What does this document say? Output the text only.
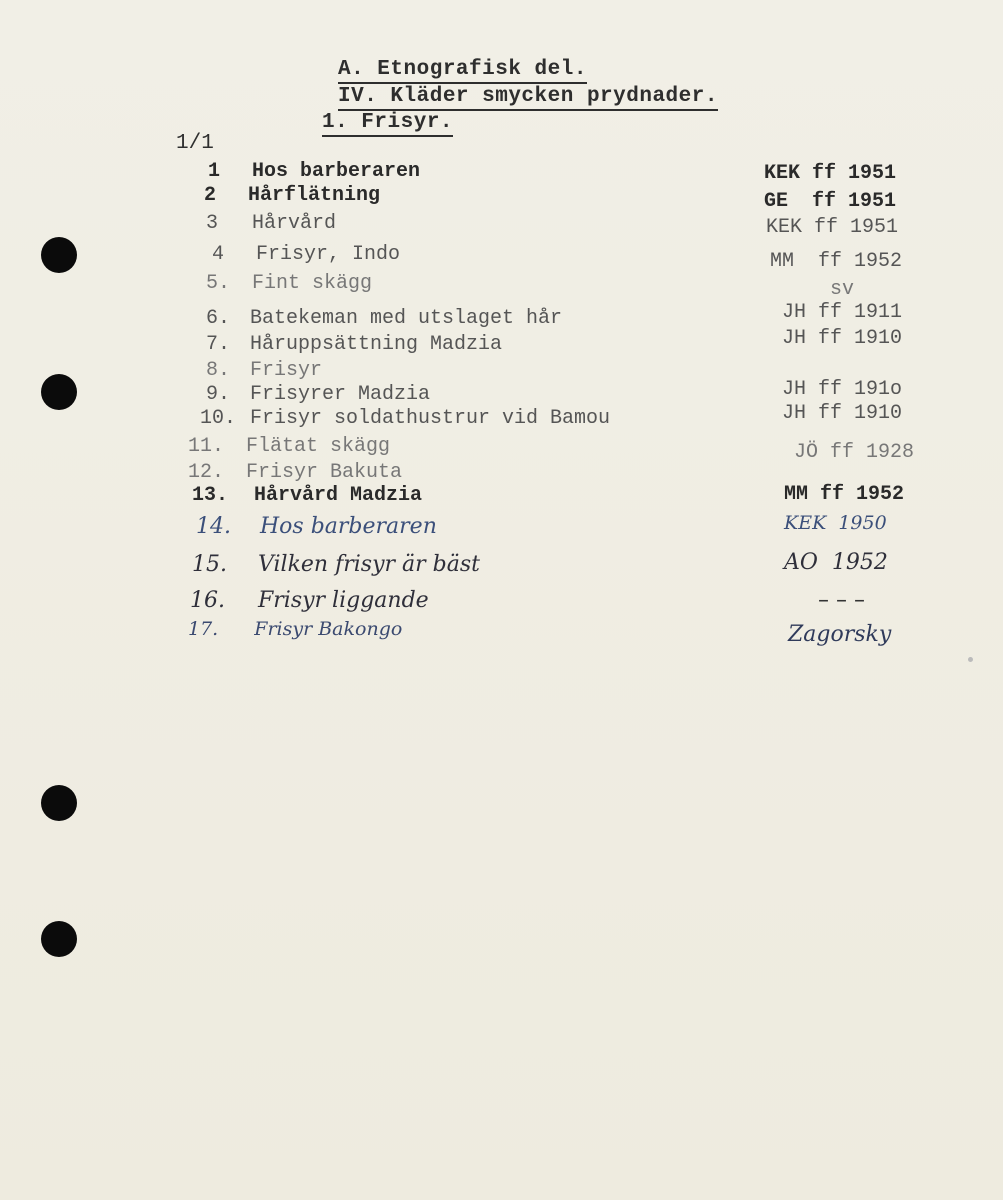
A. Etnografisk del.
IV. Kläder smycken prydnader.
1. Frisyr.
1/1
1 Hos barberaren	KEK ff 1951
2 Hårflätning	GE  ff 1951
3 Hårvård	KEK ff 1951
4 Frisyr, Indo	MM  ff 1952
5. Fint skägg	sv
6. Batekeman med utslaget hår	JH ff 1911
7. Håruppsättning Madzia	JH ff 1910
8. Frisyr
9. Frisyrer Madzia	JH ff 191o
10. Frisyr soldathustrur vid Bamou	JH ff 1910
11. Flätat skägg	JÖ ff 1928
12. Frisyr Bakuta
13. Hårvård Madzia	MM ff 1952
14. Hos barberaren	KEK  1950
15. Vilken frisyr är bäst	AO  1952
16. Frisyr liggande	– – –
17. Frisyr Bakongo	Zagorsky
